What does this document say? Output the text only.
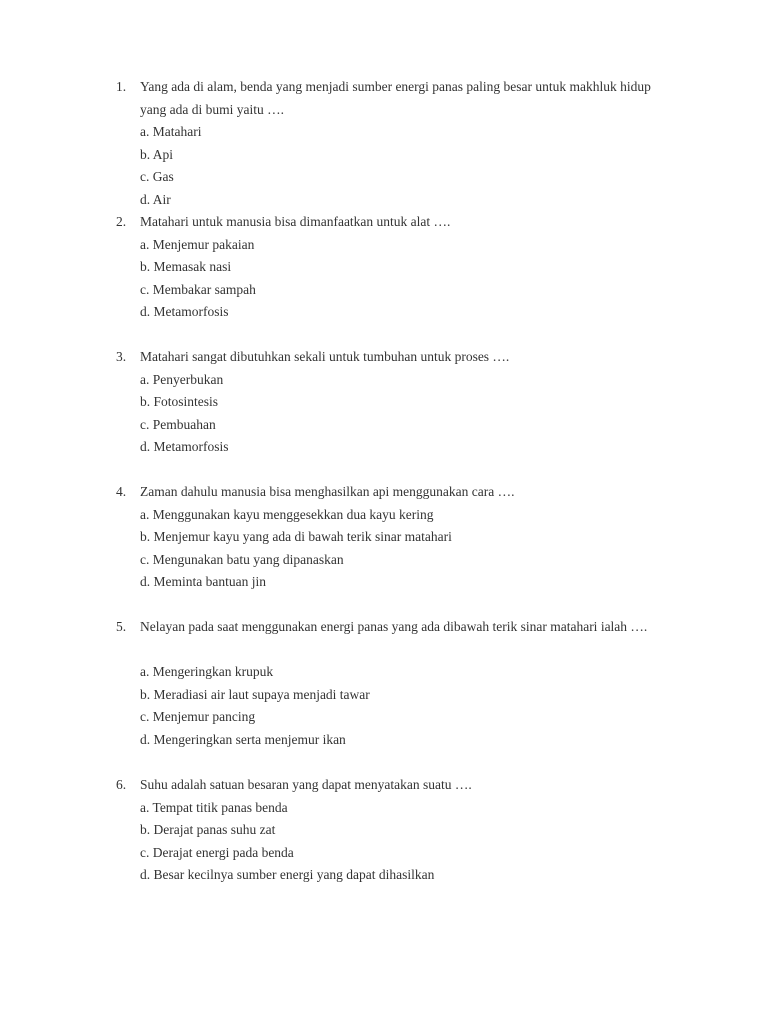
1. Yang ada di alam, benda yang menjadi sumber energi panas paling besar untuk makhluk hidup yang ada di bumi yaitu ….
a. Matahari
b. Api
c. Gas
d. Air
2. Matahari untuk manusia bisa dimanfaatkan untuk alat ….
a. Menjemur pakaian
b. Memasak nasi
c. Membakar sampah
d. Metamorfosis
3. Matahari sangat dibutuhkan sekali untuk tumbuhan untuk proses ….
a. Penyerbukan
b. Fotosintesis
c. Pembuahan
d. Metamorfosis
4. Zaman dahulu manusia bisa menghasilkan api menggunakan cara ….
a. Menggunakan kayu menggesekkan dua kayu kering
b. Menjemur kayu yang ada di bawah terik sinar matahari
c. Mengunakan batu yang dipanaskan
d. Meminta bantuan jin
5. Nelayan pada saat menggunakan energi panas yang ada dibawah terik sinar matahari ialah ….
a. Mengeringkan krupuk
b. Meradiasi air laut supaya menjadi tawar
c. Menjemur pancing
d. Mengeringkan serta menjemur ikan
6. Suhu adalah satuan besaran yang dapat menyatakan suatu ….
a. Tempat titik panas benda
b. Derajat panas suhu zat
c. Derajat energi pada benda
d. Besar kecilnya sumber energi yang dapat dihasilkan
